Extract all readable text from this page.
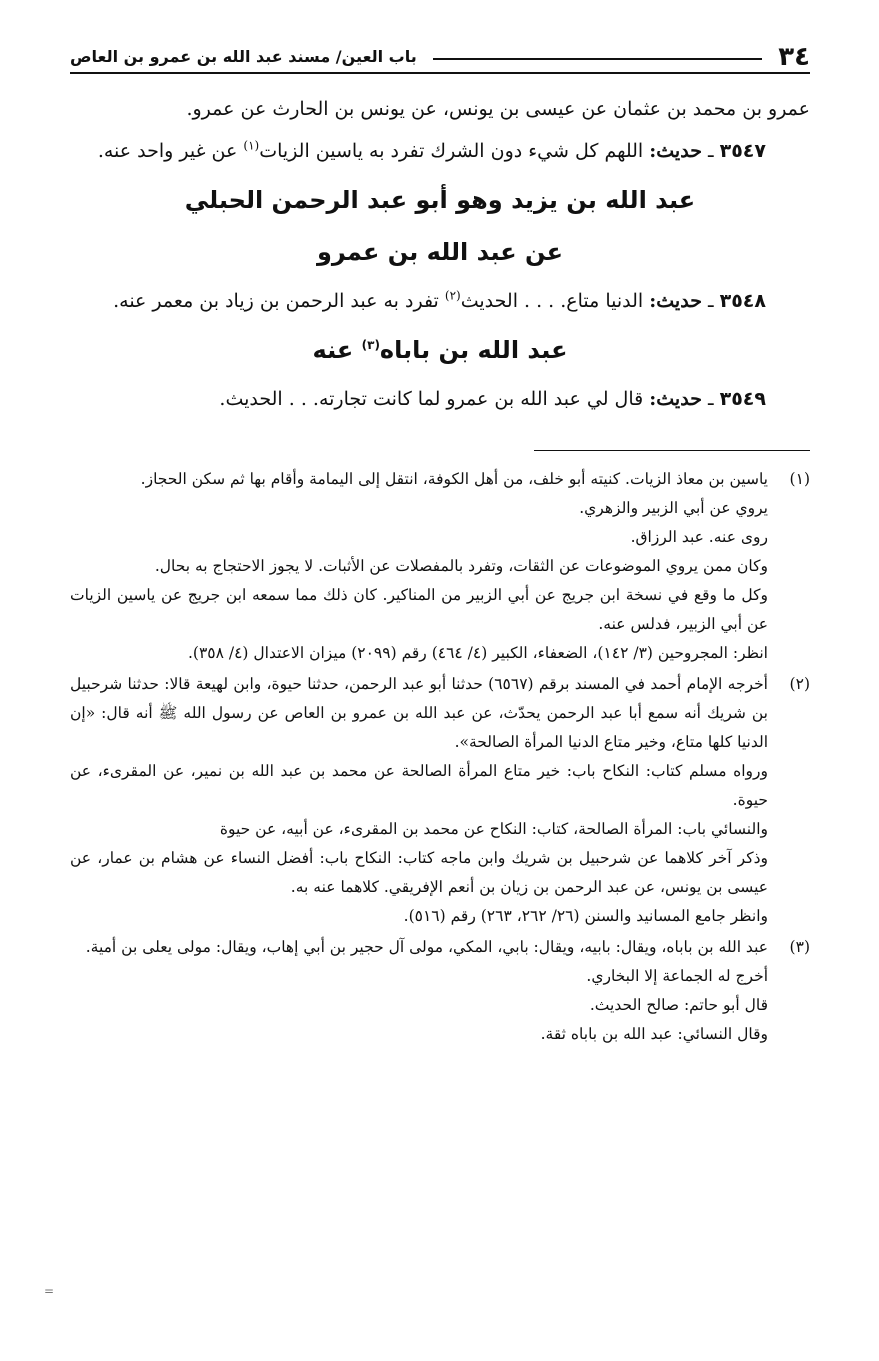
٣٤
باب العين/ مسند عبد الله بن عمرو بن العاص

عمرو بن محمد بن عثمان عن عيسى بن يونس، عن يونس بن الحارث عن عمرو.

٣٥٤٧ ـ حديث: اللهم كل شيء دون الشرك تفرد به ياسين الزيات$^{(١)}$ عن غير واحد عنه.

عبد الله بن يزيد وهو أبو عبد الرحمن الحبلي
عن عبد الله بن عمرو

٣٥٤٨ ـ حديث: الدنيا متاع. . . . الحديث$^{(٢)}$ تفرد به عبد الرحمن بن زياد بن معمر عنه.

عبد الله بن باباه$^{(٣)}$ عنه

٣٥٤٩ ـ حديث: قال لي عبد الله بن عمرو لما كانت تجارته. . . الحديث.

(١)

ياسين بن معاذ الزيات. كنيته أبو خلف، من أهل الكوفة، انتقل إلى اليمامة وأقام بها ثم سكن الحجاز.

يروي عن أبي الزبير والزهري.

روى عنه. عبد الرزاق.

وكان ممن يروي الموضوعات عن الثقات، وتفرد بالمفصلات عن الأثبات. لا يجوز الاحتجاج به بحال.

وكل ما وقع في نسخة ابن جريج عن أبي الزبير من المناكير. كان ذلك مما سمعه ابن جريج عن ياسين الزيات عن أبي الزبير، فدلس عنه.

انظر: المجروحين (٣/ ١٤٢)، الضعفاء، الكبير (٤/ ٤٦٤) رقم (٢٠٩٩) ميزان الاعتدال (٤/ ٣٥٨).

(٢)

أخرجه الإمام أحمد في المسند برقم (٦٥٦٧) حدثنا أبو عبد الرحمن، حدثنا حيوة، وابن لهيعة قالا: حدثنا شرحبيل بن شريك أنه سمع أبا عبد الرحمن يحدّث، عن عبد الله بن عمرو بن العاص عن رسول الله ﷺ أنه قال: «إن الدنيا كلها متاع، وخير متاع الدنيا المرأة الصالحة».

ورواه مسلم كتاب: النكاح باب: خير متاع المرأة الصالحة عن محمد بن عبد الله بن نمير، عن المقرىء، عن حيوة.

والنسائي باب: المرأة الصالحة، كتاب: النكاح عن محمد بن المقرىء، عن أبيه، عن حيوة

وذكر آخر كلاهما عن شرحبيل بن شريك وابن ماجه كتاب: النكاح باب: أفضل النساء عن هشام بن عمار، عن عيسى بن يونس، عن عبد الرحمن بن زيان بن أنعم الإفريقي. كلاهما عنه به.

وانظر جامع المسانيد والسنن (٢٦/ ٢٦٢، ٢٦٣) رقم (٥١٦).

(٣)

عبد الله بن باباه، ويقال: بابيه، ويقال: بابي، المكي، مولى آل حجير بن أبي إهاب، ويقال: مولى يعلى بن أمية.

أخرج له الجماعة إلا البخاري.

قال أبو حاتم: صالح الحديث.

وقال النسائي: عبد الله بن باباه ثقة.

=
